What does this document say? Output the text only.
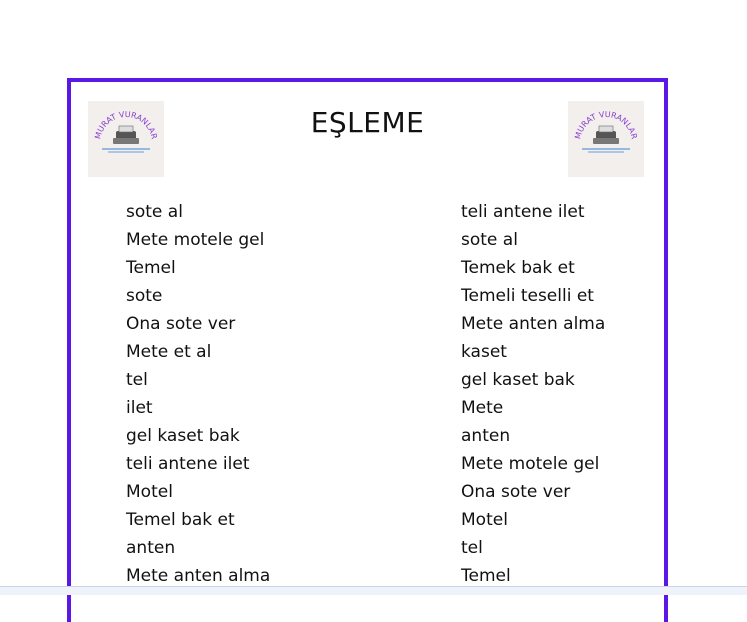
MURAT VURANLAR	EŞLEME	MURAT VURANLAR
sote al
Mete motele gel
Temel
sote
Ona sote ver
Mete et al
tel
ilet
gel kaset bak
teli antene ilet
Motel
Temel bak et
anten
Mete anten alma
teli antene ilet
sote al
Temek bak et
Temeli teselli et
Mete anten alma
kaset
gel kaset bak
Mete
anten
Mete motele gel
Ona sote ver
Motel
tel
Temel
